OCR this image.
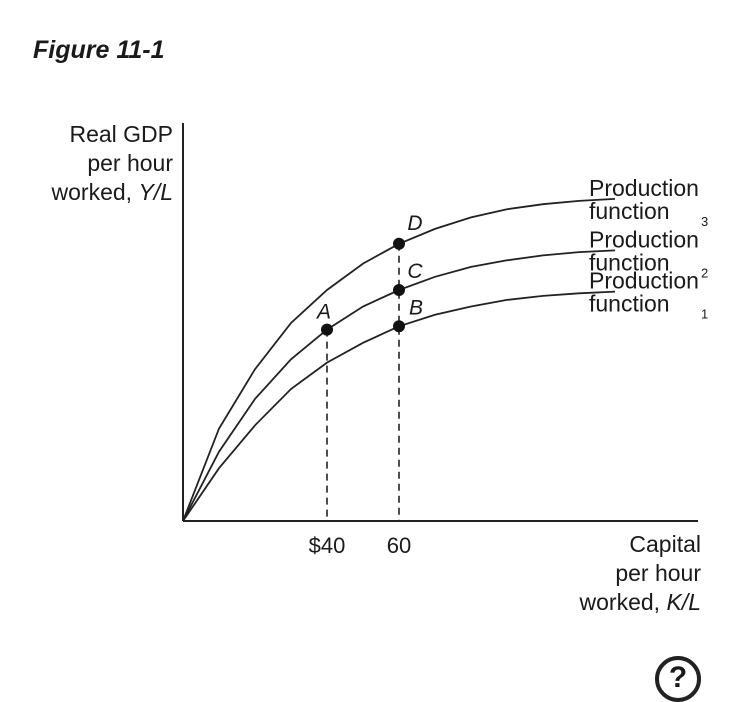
Figure 11-1
Real GDP
per hour
worked, Y/L
Capital
per hour
worked, K/L
$40 60
Production
function 3
Production
function 2
Production
function 1
A	B
C
D
?
